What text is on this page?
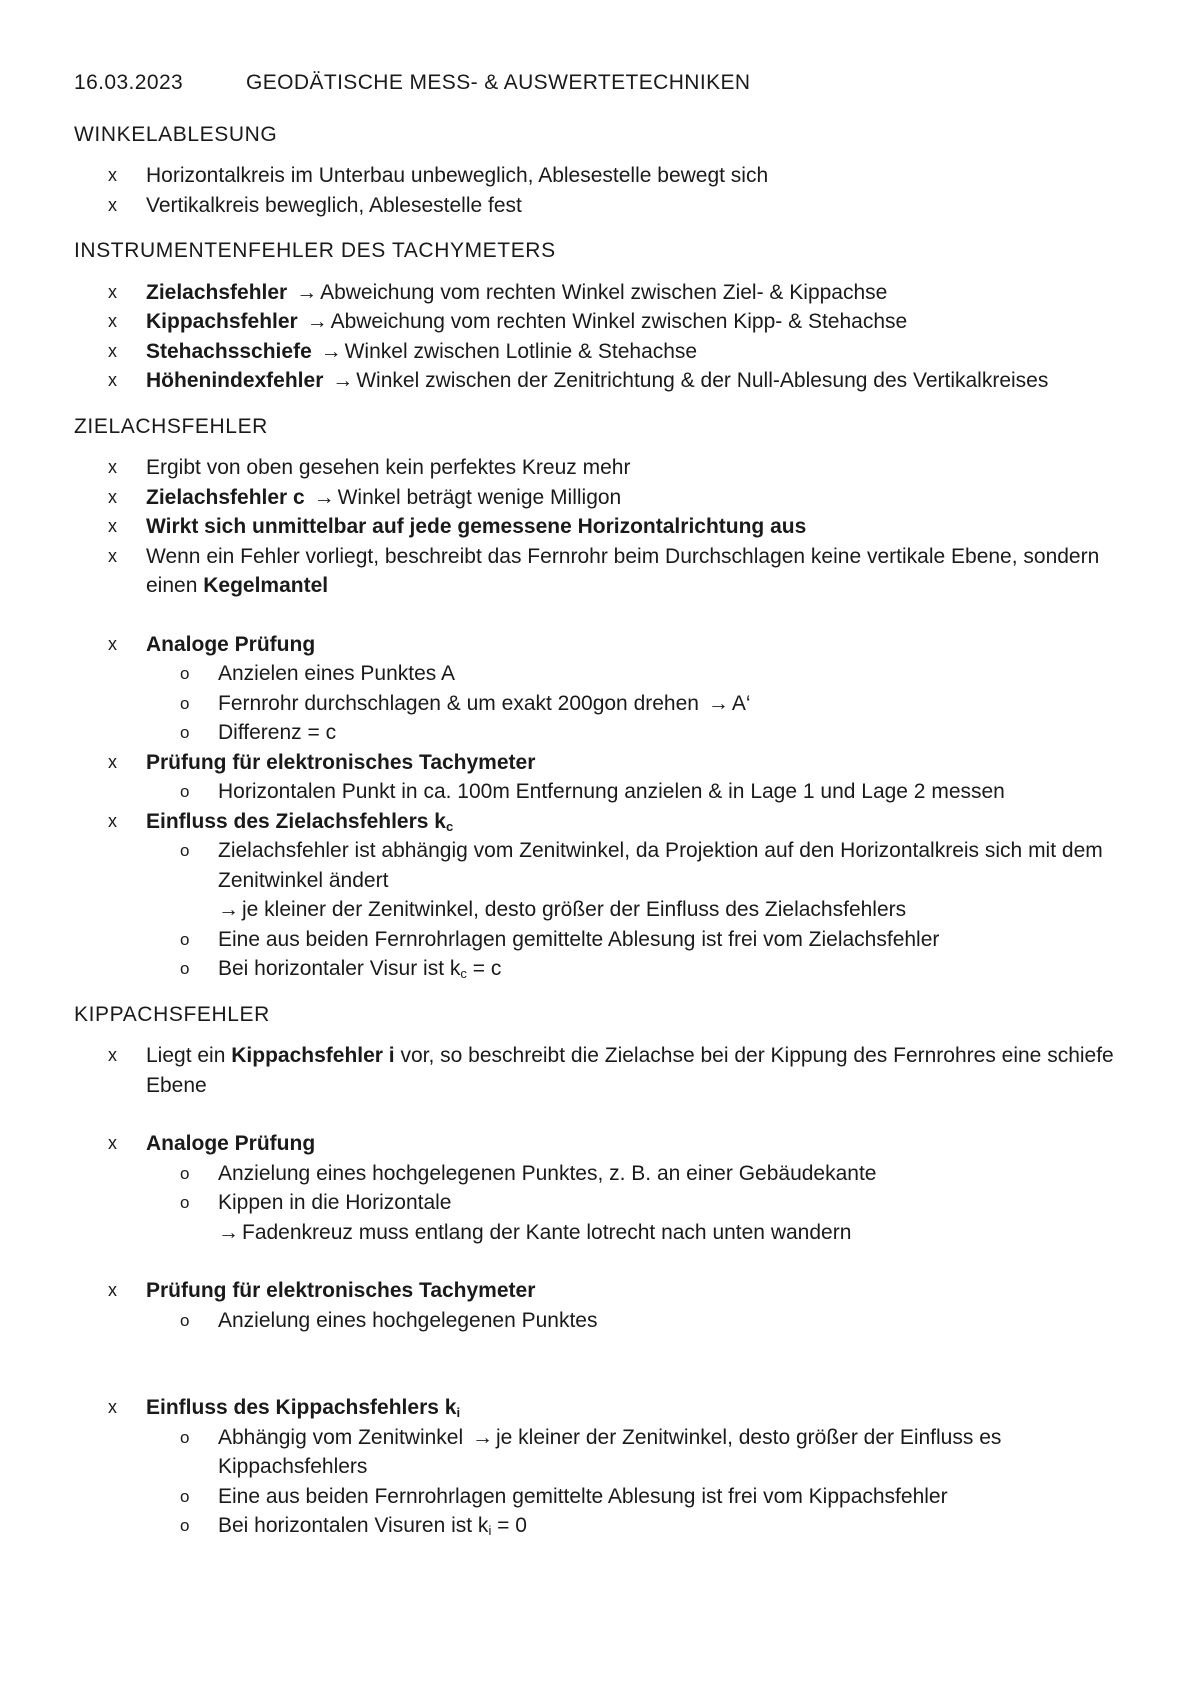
16.03.2023	GEODÄTISCHE MESS- & AUSWERTETECHNIKEN
WINKELABLESUNG
x Horizontalkreis im Unterbau unbeweglich, Ablesestelle bewegt sich
x Vertikalkreis beweglich, Ablesestelle fest
INSTRUMENTENFEHLER DES TACHYMETERS
x Zielachsfehler → Abweichung vom rechten Winkel zwischen Ziel- & Kippachse
x Kippachsfehler → Abweichung vom rechten Winkel zwischen Kipp- & Stehachse
x Stehachsschiefe → Winkel zwischen Lotlinie & Stehachse
x Höhenindexfehler → Winkel zwischen der Zenitrichtung & der Null-Ablesung des Vertikalkreises
ZIELACHSFEHLER
x Ergibt von oben gesehen kein perfektes Kreuz mehr
x Zielachsfehler c → Winkel beträgt wenige Milligon
x Wirkt sich unmittelbar auf jede gemessene Horizontalrichtung aus
x Wenn ein Fehler vorliegt, beschreibt das Fernrohr beim Durchschlagen keine vertikale Ebene, sondern einen Kegelmantel
x Analoge Prüfung
o Anzielen eines Punktes A
o Fernrohr durchschlagen & um exakt 200gon drehen → A‘
o Differenz = c
x Prüfung für elektronisches Tachymeter
o Horizontalen Punkt in ca. 100m Entfernung anzielen & in Lage 1 und Lage 2 messen
x Einfluss des Zielachsfehlers $k_c$
o Zielachsfehler ist abhängig vom Zenitwinkel, da Projektion auf den Horizontalkreis sich mit dem Zenitwinkel ändert
→ je kleiner der Zenitwinkel, desto größer der Einfluss des Zielachsfehlers
o Eine aus beiden Fernrohrlagen gemittelte Ablesung ist frei vom Zielachsfehler
o Bei horizontaler Visur ist $k_c = c$
KIPPACHSFEHLER
x Liegt ein Kippachsfehler i vor, so beschreibt die Zielachse bei der Kippung des Fernrohres eine schiefe Ebene
x Analoge Prüfung
o Anzielung eines hochgelegenen Punktes, z. B. an einer Gebäudekante
o Kippen in die Horizontale
→ Fadenkreuz muss entlang der Kante lotrecht nach unten wandern
x Prüfung für elektronisches Tachymeter
o Anzielung eines hochgelegenen Punktes
x Einfluss des Kippachsfehlers $k_i$
o Abhängig vom Zenitwinkel → je kleiner der Zenitwinkel, desto größer der Einfluss es Kippachsfehlers
o Eine aus beiden Fernrohrlagen gemittelte Ablesung ist frei vom Kippachsfehler
o Bei horizontalen Visuren ist $k_i = 0$
